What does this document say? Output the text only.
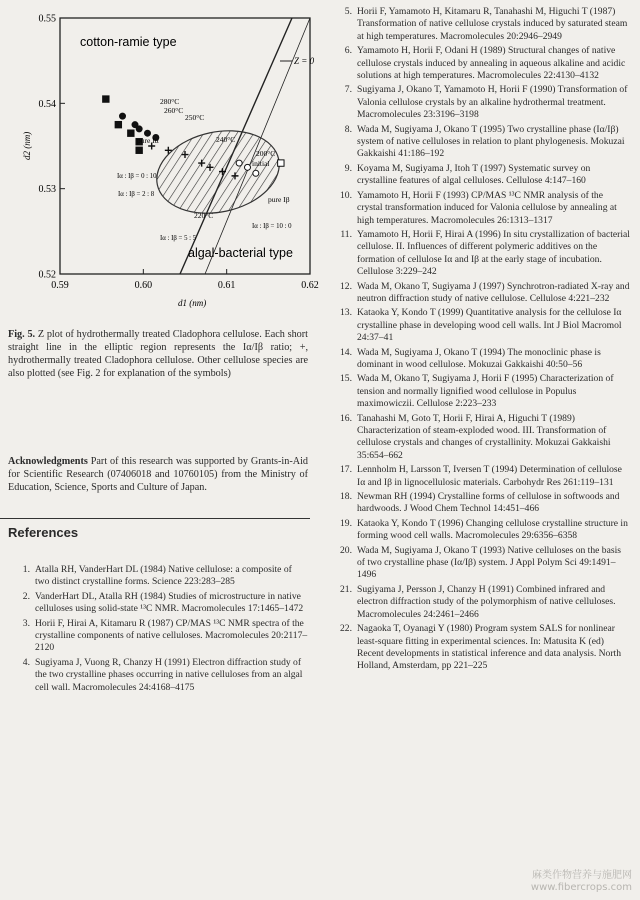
0.59	0.60	0.61	0.62
0.55
0.54
0.53
0.52
cotton-ramie type
algal-bacterial type
Z = 0
280°C
260°C
250°C
240°C
200°C
initial
220°C
pure Iα
pure Iβ
Iα : Iβ = 0 : 10
Iα : Iβ = 2 : 8
Iα : Iβ = 5 : 5
Iα : Iβ = 10 : 0
d2 (nm)
d1 (nm)
Fig. 5. Z plot of hydrothermally treated Cladophora cellulose. Each short straight line in the elliptic region represents the Iα/Iβ ratio; +, hydrothermally treated Cladophora cellulose. Other cellulose species are also plotted (see Fig. 2 for explanation of the symbols)
Acknowledgments Part of this research was supported by Grants-in-Aid for Scientific Research (07406018 and 10760105) from the Ministry of Education, Science, Sports and Culture of Japan.
References
1. Atalla RH, VanderHart DL (1984) Native cellulose: a composite of two distinct crystalline forms. Science 223:283–285
2. VanderHart DL, Atalla RH (1984) Studies of microstructure in native celluloses using solid-state ¹³C NMR. Macromolecules 17:1465–1472
3. Horii F, Hirai A, Kitamaru R (1987) CP/MAS ¹³C NMR spectra of the crystalline components of native celluloses. Macromolecules 20:2117–2120
4. Sugiyama J, Vuong R, Chanzy H (1991) Electron diffraction study of the two crystalline phases occurring in native celluloses from an algal cell wall. Macromolecules 24:4168–4175
5. Horii F, Yamamoto H, Kitamaru R, Tanahashi M, Higuchi T (1987) Transformation of native cellulose crystals induced by saturated steam at high temperatures. Macromolecules 20:2946–2949
6. Yamamoto H, Horii F, Odani H (1989) Structural changes of native cellulose crystals induced by annealing in aqueous alkaline and acidic solutions at high temperatures. Macromolecules 22:4130–4132
7. Sugiyama J, Okano T, Yamamoto H, Horii F (1990) Transformation of Valonia cellulose crystals by an alkaline hydrothermal treatment. Macromolecules 23:3196–3198
8. Wada M, Sugiyama J, Okano T (1995) Two crystalline phase (Iα/Iβ) system of native celluloses in relation to plant phylogenesis. Mokuzai Gakkaishi 41:186–192
9. Koyama M, Sugiyama J, Itoh T (1997) Systematic survey on crystalline features of algal celluloses. Cellulose 4:147–160
10. Yamamoto H, Horii F (1993) CP/MAS ¹³C NMR analysis of the crystal transformation induced for Valonia cellulose by annealing at high temperatures. Macromolecules 26:1313–1317
11. Yamamoto H, Horii F, Hirai A (1996) In situ crystallization of bacterial cellulose. II. Influences of different polymeric additives on the formation of cellulose Iα and Iβ at the early stage of incubation. Cellulose 3:229–242
12. Wada M, Okano T, Sugiyama J (1997) Synchrotron-radiated X-ray and neutron diffraction study of native cellulose. Cellulose 4:221–232
13. Kataoka Y, Kondo T (1999) Quantitative analysis for the cellulose Iα crystalline phase in developing wood cell walls. Int J Biol Macromol 24:37–41
14. Wada M, Sugiyama J, Okano T (1994) The monoclinic phase is dominant in wood cellulose. Mokuzai Gakkaishi 40:50–56
15. Wada M, Okano T, Sugiyama J, Horii F (1995) Characterization of tension and normally lignified wood cellulose in Populus maximowiczii. Cellulose 2:223–233
16. Tanahashi M, Goto T, Horii F, Hirai A, Higuchi T (1989) Characterization of steam-exploded wood. III. Transformation of cellulose crystals and changes of crystallinity. Mokuzai Gakkaishi 35:654–662
17. Lennholm H, Larsson T, Iversen T (1994) Determination of cellulose Iα and Iβ in lignocellulosic materials. Carbohydr Res 261:119–131
18. Newman RH (1994) Crystalline forms of cellulose in softwoods and hardwoods. J Wood Chem Technol 14:451–466
19. Kataoka Y, Kondo T (1996) Changing cellulose crystalline structure in forming wood cell walls. Macromolecules 29:6356–6358
20. Wada M, Sugiyama J, Okano T (1993) Native celluloses on the basis of two crystalline phase (Iα/Iβ) system. J Appl Polym Sci 49:1491–1496
21. Sugiyama J, Persson J, Chanzy H (1991) Combined infrared and electron diffraction study of the polymorphism of native celluloses. Macromolecules 24:2461–2466
22. Nagaoka T, Oyanagi Y (1980) Program system SALS for nonlinear least-square fitting in experimental sciences. In: Matusita K (ed) Recent developments in statistical inference and data analysis. North Holland, Amsterdam, pp 221–225
麻类作物营养与施肥网
www.fibercrops.com
